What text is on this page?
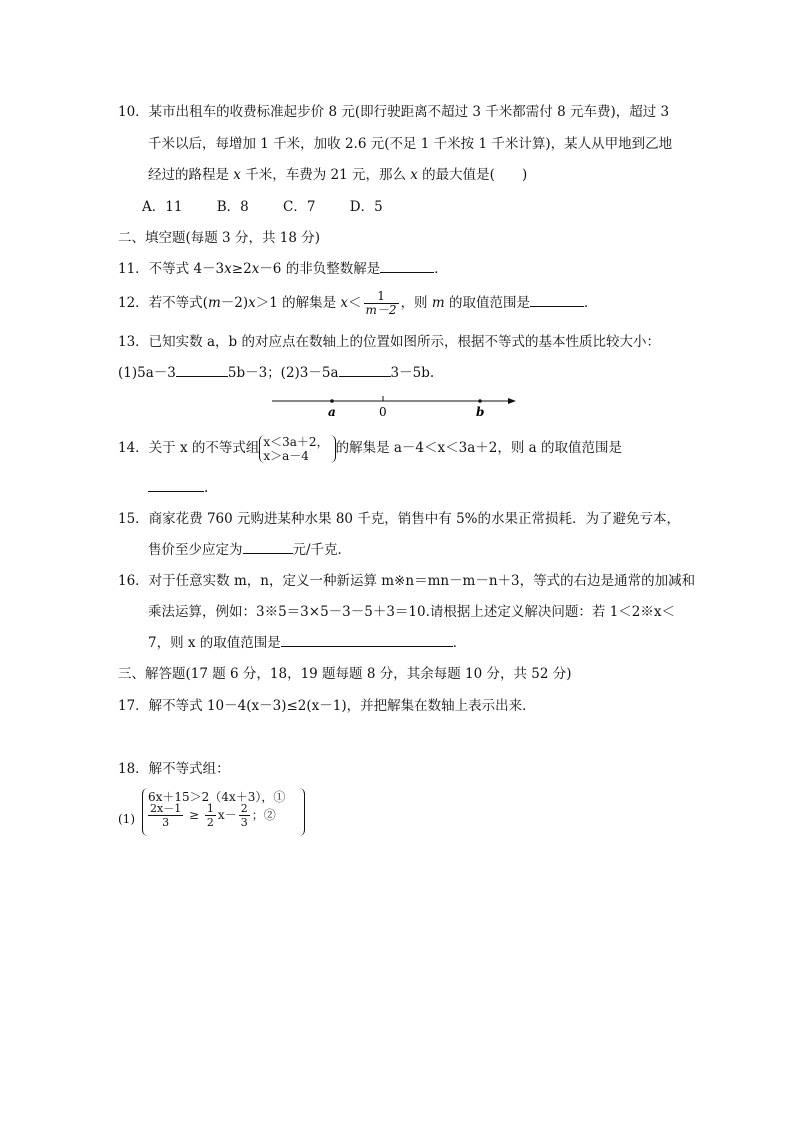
10．某市出租车的收费标准起步价 8 元(即行驶距离不超过 3 千米都需付 8 元车费)，超过 3
千米以后，每增加 1 千米，加收 2.6 元(不足 1 千米按 1 千米计算)，某人从甲地到乙地
经过的路程是 x 千米，车费为 21 元，那么 x 的最大值是(　　)
A．11	B．8	C．7	D．5
二、填空题(每题 3 分，共 18 分)
11．不等式 4－3x≥2x－6 的非负整数解是	．
12．若不等式(m－2)x＞1 的解集是 $x< \frac{1}{m-2}$ ，则 m 的取值范围是	．
13．已知实数 a，b 的对应点在数轴上的位置如图所示，根据不等式的基本性质比较大小：
(1)5a－3	5b－3；(2)3－5a	3－5b.
a	0	b
14．关于 x 的不等式组 x＜3a＋2，
x＞a－4	的解集是 a－4＜x＜3a＋2，则 a 的取值范围是
.
15．商家花费 760 元购进某种水果 80 千克，销售中有 5%的水果正常损耗．为了避免亏本，
售价至少应定为	元/千克．
16．对于任意实数 m，n，定义一种新运算 m※n＝mn－m－n＋3，等式的右边是通常的加减和
乘法运算，例如：3※5＝3×5－3－5＋3＝10.请根据上述定义解决问题：若 1＜2※x＜
7，则 x 的取值范围是	．
三、解答题(17 题 6 分，18，19 题每题 8 分，其余每题 10 分，共 52 分)
17．解不等式 10－4(x－3)≤2(x－1)，并把解集在数轴上表示出来．
18．解不等式组：
(1)
6x＋15＞2（4x＋3），①
$\frac{2x-1}{3} \ge \frac{1}{2} x- \frac{2}{3}$ ；②
